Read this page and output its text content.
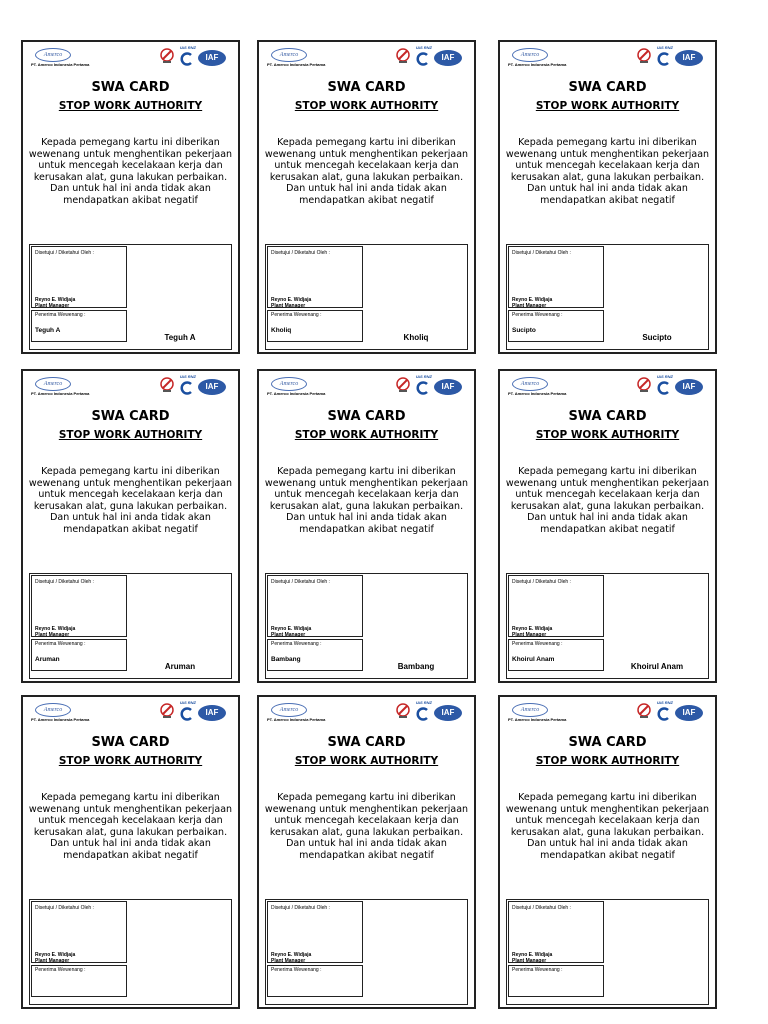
Amerco
PT. Amerco Indonesia Pertama
IAS RNZ
IAF
SWA CARD
STOP WORK AUTHORITY
Kepada pemegang kartu ini diberikan wewenang untuk menghentikan pekerjaan untuk mencegah kecelakaan kerja dan kerusakan alat, guna lakukan perbaikan. Dan untuk hal ini anda tidak akan mendapatkan akibat negatif
Disetujui / Diketahui Oleh :
Reyno E. Widjaja
Plant Manager
Penerima Wewenang :
Teguh A
Teguh A
Amerco
PT. Amerco Indonesia Pertama
IAS RNZ
IAF
SWA CARD
STOP WORK AUTHORITY
Kepada pemegang kartu ini diberikan wewenang untuk menghentikan pekerjaan untuk mencegah kecelakaan kerja dan kerusakan alat, guna lakukan perbaikan. Dan untuk hal ini anda tidak akan mendapatkan akibat negatif
Disetujui / Diketahui Oleh :
Reyno E. Widjaja
Plant Manager
Penerima Wewenang :
Kholiq
Kholiq
Amerco
PT. Amerco Indonesia Pertama
IAS RNZ
IAF
SWA CARD
STOP WORK AUTHORITY
Kepada pemegang kartu ini diberikan wewenang untuk menghentikan pekerjaan untuk mencegah kecelakaan kerja dan kerusakan alat, guna lakukan perbaikan. Dan untuk hal ini anda tidak akan mendapatkan akibat negatif
Disetujui / Diketahui Oleh :
Reyno E. Widjaja
Plant Manager
Penerima Wewenang :
Sucipto
Sucipto
Amerco
PT. Amerco Indonesia Pertama
IAS RNZ
IAF
SWA CARD
STOP WORK AUTHORITY
Kepada pemegang kartu ini diberikan wewenang untuk menghentikan pekerjaan untuk mencegah kecelakaan kerja dan kerusakan alat, guna lakukan perbaikan. Dan untuk hal ini anda tidak akan mendapatkan akibat negatif
Disetujui / Diketahui Oleh :
Reyno E. Widjaja
Plant Manager
Penerima Wewenang :
Aruman
Aruman
Amerco
PT. Amerco Indonesia Pertama
IAS RNZ
IAF
SWA CARD
STOP WORK AUTHORITY
Kepada pemegang kartu ini diberikan wewenang untuk menghentikan pekerjaan untuk mencegah kecelakaan kerja dan kerusakan alat, guna lakukan perbaikan. Dan untuk hal ini anda tidak akan mendapatkan akibat negatif
Disetujui / Diketahui Oleh :
Reyno E. Widjaja
Plant Manager
Penerima Wewenang :
Bambang
Bambang
Amerco
PT. Amerco Indonesia Pertama
IAS RNZ
IAF
SWA CARD
STOP WORK AUTHORITY
Kepada pemegang kartu ini diberikan wewenang untuk menghentikan pekerjaan untuk mencegah kecelakaan kerja dan kerusakan alat, guna lakukan perbaikan. Dan untuk hal ini anda tidak akan mendapatkan akibat negatif
Disetujui / Diketahui Oleh :
Reyno E. Widjaja
Plant Manager
Penerima Wewenang :
Khoirul Anam
Khoirul Anam
Amerco
PT. Amerco Indonesia Pertama
IAS RNZ
IAF
SWA CARD
STOP WORK AUTHORITY
Kepada pemegang kartu ini diberikan wewenang untuk menghentikan pekerjaan untuk mencegah kecelakaan kerja dan kerusakan alat, guna lakukan perbaikan. Dan untuk hal ini anda tidak akan mendapatkan akibat negatif
Disetujui / Diketahui Oleh :
Reyno E. Widjaja
Plant Manager
Penerima Wewenang :
Amerco
PT. Amerco Indonesia Pertama
IAS RNZ
IAF
SWA CARD
STOP WORK AUTHORITY
Kepada pemegang kartu ini diberikan wewenang untuk menghentikan pekerjaan untuk mencegah kecelakaan kerja dan kerusakan alat, guna lakukan perbaikan. Dan untuk hal ini anda tidak akan mendapatkan akibat negatif
Disetujui / Diketahui Oleh :
Reyno E. Widjaja
Plant Manager
Penerima Wewenang :
Amerco
PT. Amerco Indonesia Pertama
IAS RNZ
IAF
SWA CARD
STOP WORK AUTHORITY
Kepada pemegang kartu ini diberikan wewenang untuk menghentikan pekerjaan untuk mencegah kecelakaan kerja dan kerusakan alat, guna lakukan perbaikan. Dan untuk hal ini anda tidak akan mendapatkan akibat negatif
Disetujui / Diketahui Oleh :
Reyno E. Widjaja
Plant Manager
Penerima Wewenang :
